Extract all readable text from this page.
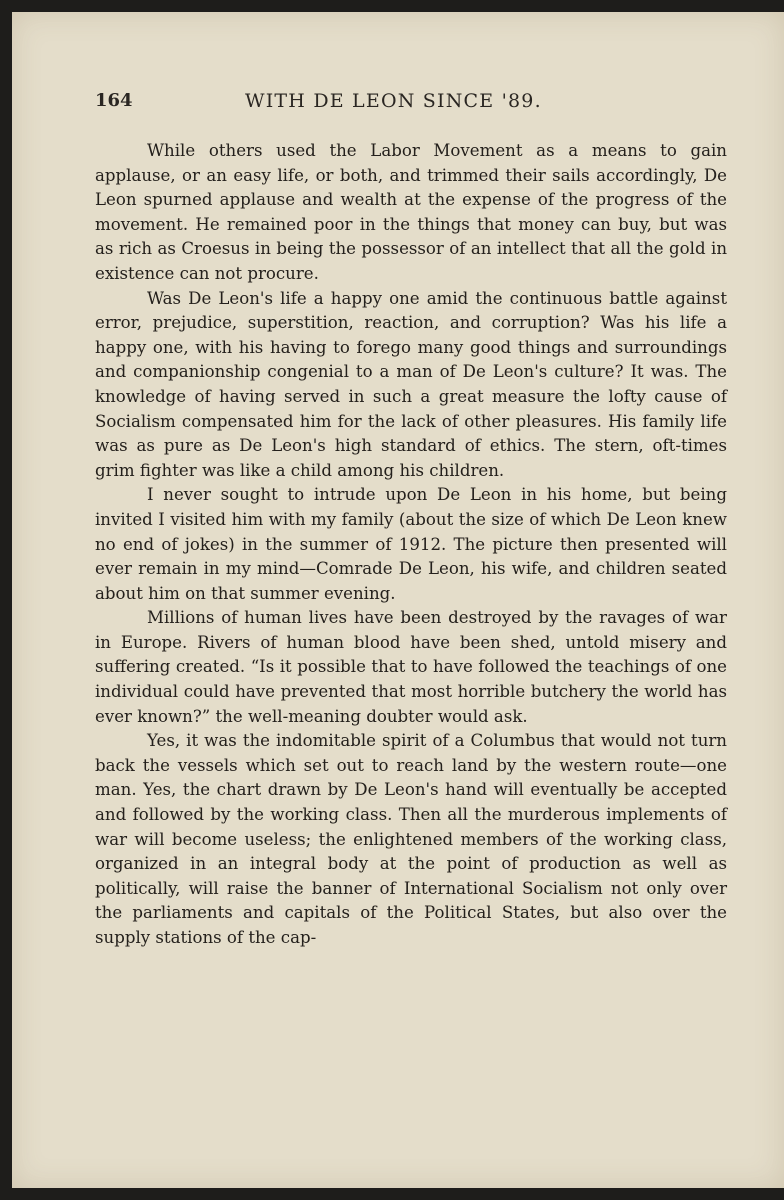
164	WITH DE LEON SINCE '89.

While others used the Labor Movement as a means to gain applause, or an easy life, or both, and trimmed their sails accordingly, De Leon spurned applause and wealth at the expense of the progress of the movement. He remained poor in the things that money can buy, but was as rich as Croesus in being the possessor of an intellect that all the gold in existence can not procure.

Was De Leon's life a happy one amid the continuous battle against error, prejudice, superstition, reaction, and corruption? Was his life a happy one, with his having to forego many good things and surroundings and companionship congenial to a man of De Leon's culture? It was. The knowledge of having served in such a great measure the lofty cause of Socialism compensated him for the lack of other pleasures. His family life was as pure as De Leon's high standard of ethics. The stern, oft-times grim fighter was like a child among his children.

I never sought to intrude upon De Leon in his home, but being invited I visited him with my family (about the size of which De Leon knew no end of jokes) in the summer of 1912. The picture then presented will ever remain in my mind—Comrade De Leon, his wife, and children seated about him on that summer evening.

Millions of human lives have been destroyed by the ravages of war in Europe. Rivers of human blood have been shed, untold misery and suffering created. “Is it possible that to have followed the teachings of one individual could have prevented that most horrible butchery the world has ever known?” the well-meaning doubter would ask.

Yes, it was the indomitable spirit of a Columbus that would not turn back the vessels which set out to reach land by the western route—one man. Yes, the chart drawn by De Leon's hand will eventually be accepted and followed by the working class. Then all the murderous implements of war will become useless; the enlightened members of the working class, organized in an integral body at the point of production as well as politically, will raise the banner of International Socialism not only over the parliaments and capitals of the Political States, but also over the supply stations of the cap-
